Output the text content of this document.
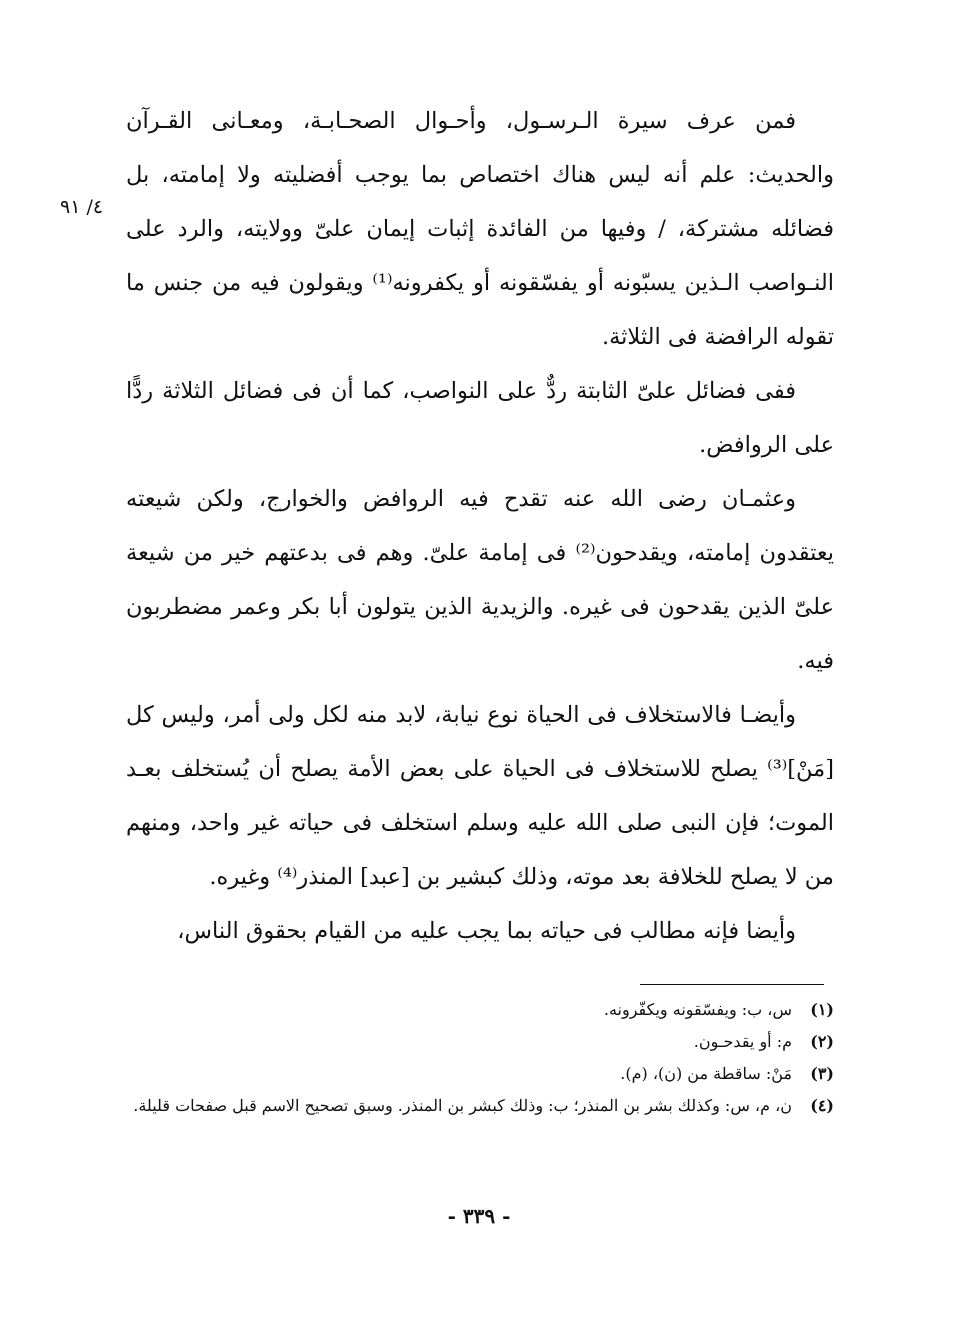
٤/ ٩١

فمن عرف سيرة الـرسـول، وأحـوال الصحـابـة، ومعـانى القـرآن والحديث: علم أنه ليس هناك اختصاص بما يوجب أفضليته ولا إمامته، بل فضائله مشتركة، / وفيها من الفائدة إثبات إيمان علىّ وولايته، والرد على النـواصب الـذين يسبّونه أو يفسّقونه أو يكفرونه⁽¹⁾ ويقولون فيه من جنس ما تقوله الرافضة فى الثلاثة.

ففى فضائل علىّ الثابتة ردٌّ على النواصب، كما أن فى فضائل الثلاثة ردًّا على الروافض.

وعثمـان رضى الله عنه تقدح فيه الروافض والخوارج، ولكن شيعته يعتقدون إمامته، ويقدحون⁽²⁾ فى إمامة علىّ. وهم فى بدعتهم خير من شيعة علىّ الذين يقدحون فى غيره. والزيدية الذين يتولون أبا بكر وعمر مضطربون فيه.

وأيضـا فالاستخلاف فى الحياة نوع نيابة، لابد منه لكل ولى أمر، وليس كل [مَنْ]⁽³⁾ يصلح للاستخلاف فى الحياة على بعض الأمة يصلح أن يُستخلف بعـد الموت؛ فإن النبى صلى الله عليه وسلم استخلف فى حياته غير واحد، ومنهم من لا يصلح للخلافة بعد موته، وذلك كبشير بن [عبد] المنذر⁽⁴⁾ وغيره.

وأيضا فإنه مطالب فى حياته بما يجب عليه من القيام بحقوق الناس،

(١)
س، ب: ويفسّقونه ويكفّرونه.
(٢)
م: أو يقدحـون.
(٣)
مَنْ: ساقطة من (ن)، (م).
(٤)
ن، م، س: وكذلك بشر بن المنذر؛ ب: وذلك كبشر بن المنذر. وسبق تصحيح الاسم قبل صفحات قليلة.
- ٣٣٩ -
